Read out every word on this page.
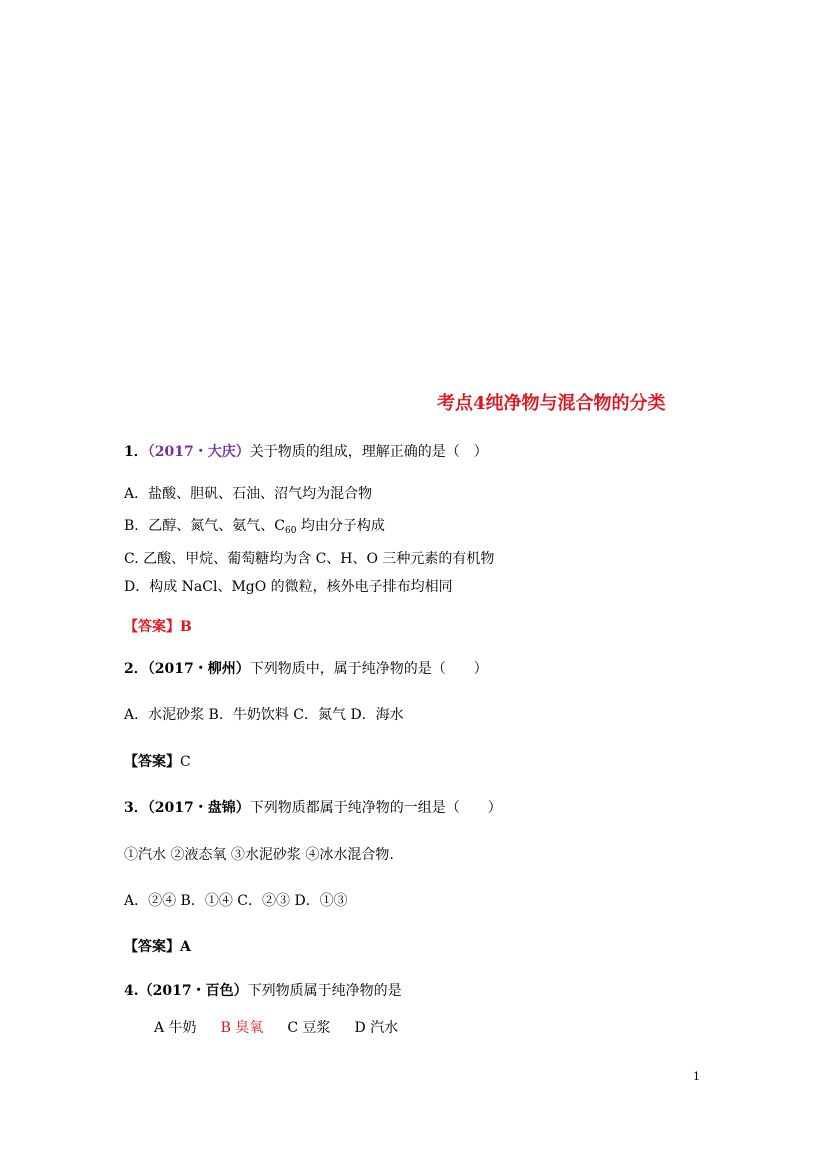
考点4纯净物与混合物的分类
1．（2017・大庆）关于物质的组成，理解正确的是（　）
A．盐酸、胆矾、石油、沼气均为混合物
B．乙醇、氮气、氨气、$C_{60}$ 均由分子构成
C. 乙酸、甲烷、葡萄糖均为含 C、H、O 三种元素的有机物
D．构成 NaCl、MgO 的微粒，核外电子排布均相同
【答案】B
2．（2017・柳州）下列物质中，属于纯净物的是（　　）
A．水泥砂浆 B．牛奶饮料 C．氮气 D．海水
【答案】C
3．（2017・盘锦）下列物质都属于纯净物的一组是（　　）
①汽水 ②液态氧 ③水泥砂浆 ④冰水混合物.
A．②④ B．①④ C．②③ D．①③
【答案】A
4.（2017・百色）下列物质属于纯净物的是
A 牛奶 B 臭氧 C 豆浆 D 汽水
1
